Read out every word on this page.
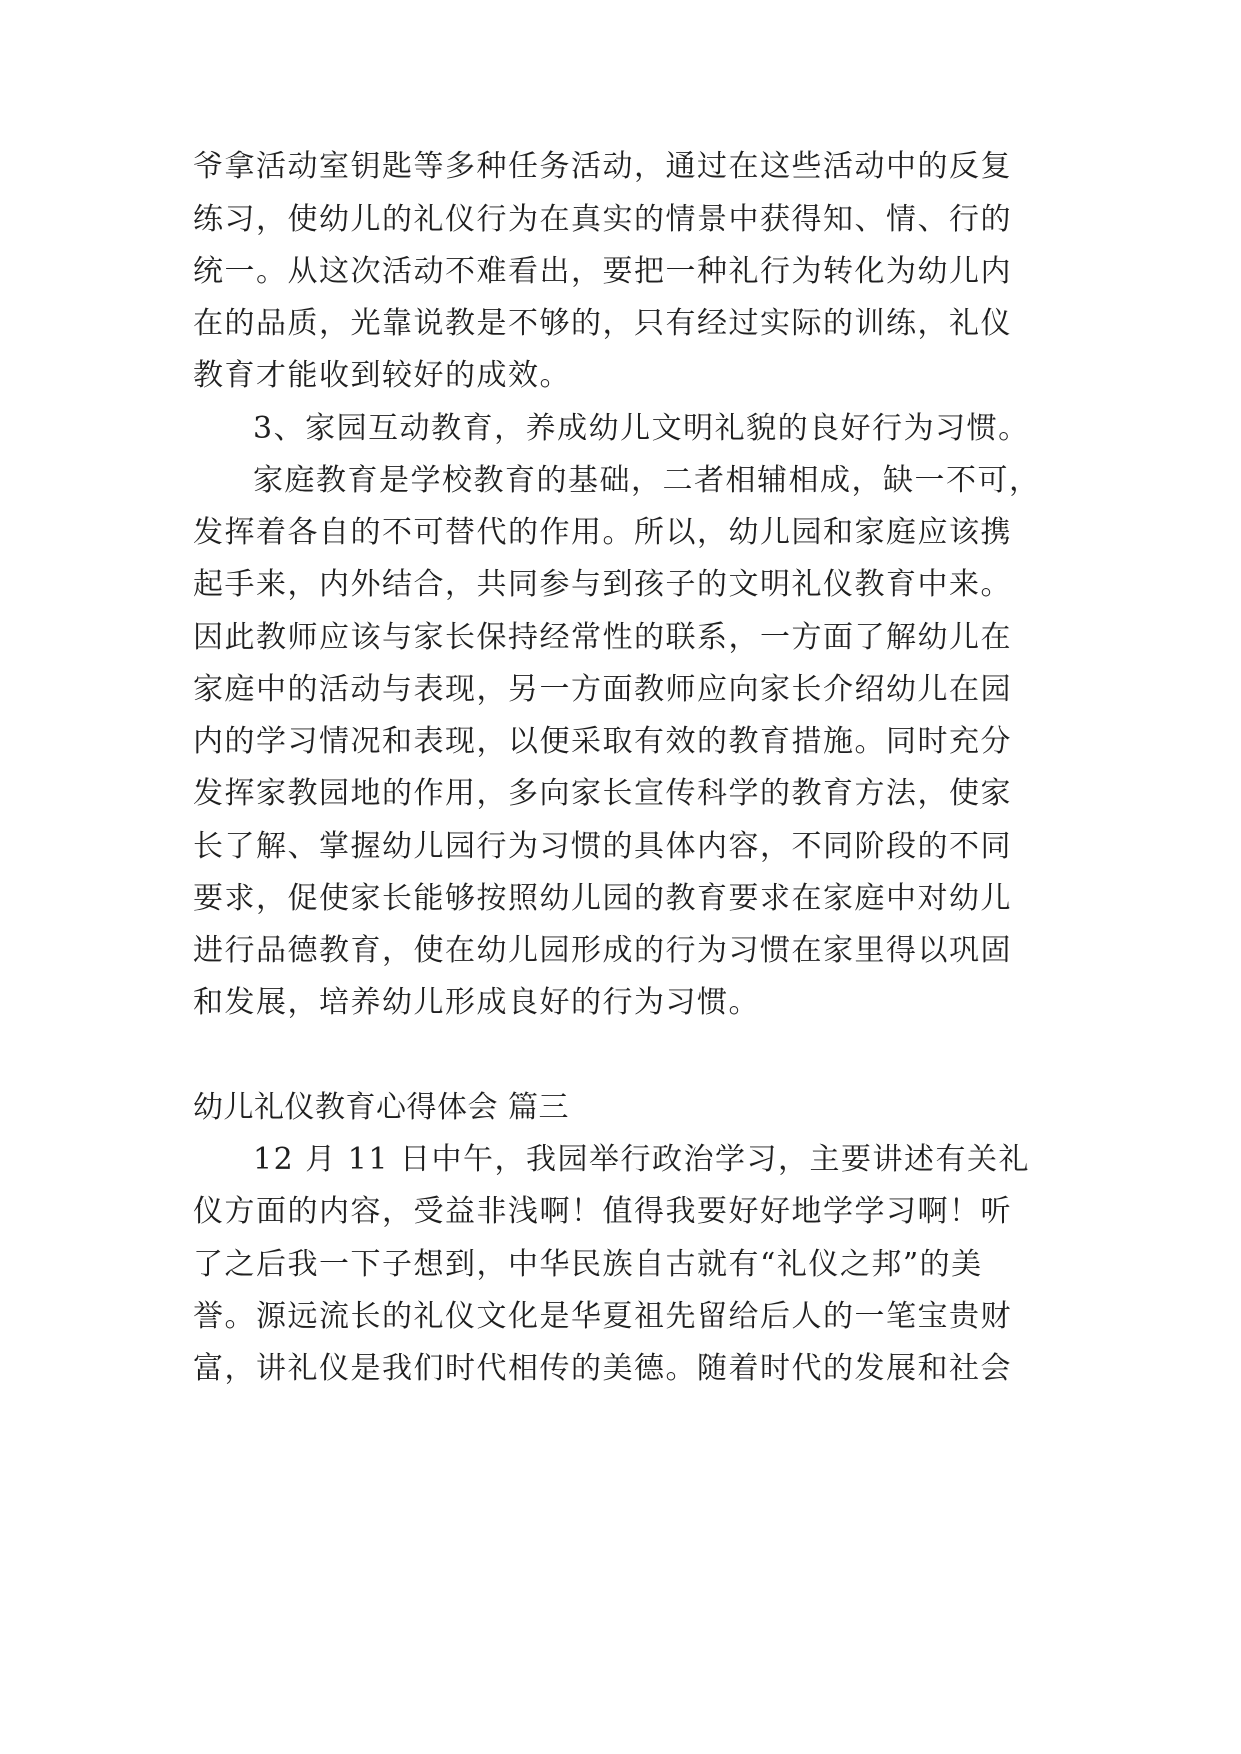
爷拿活动室钥匙等多种任务活动，通过在这些活动中的反复
练习，使幼儿的礼仪行为在真实的情景中获得知、情、行的
统一。从这次活动不难看出，要把一种礼行为转化为幼儿内
在的品质，光靠说教是不够的，只有经过实际的训练，礼仪
教育才能收到较好的成效。
3、家园互动教育，养成幼儿文明礼貌的良好行为习惯。
家庭教育是学校教育的基础，二者相辅相成，缺一不可，
发挥着各自的不可替代的作用。所以，幼儿园和家庭应该携
起手来，内外结合，共同参与到孩子的文明礼仪教育中来。
因此教师应该与家长保持经常性的联系，一方面了解幼儿在
家庭中的活动与表现，另一方面教师应向家长介绍幼儿在园
内的学习情况和表现，以便采取有效的教育措施。同时充分
发挥家教园地的作用，多向家长宣传科学的教育方法，使家
长了解、掌握幼儿园行为习惯的具体内容，不同阶段的不同
要求，促使家长能够按照幼儿园的教育要求在家庭中对幼儿
进行品德教育，使在幼儿园形成的行为习惯在家里得以巩固
和发展，培养幼儿形成良好的行为习惯。
幼儿礼仪教育心得体会 篇三
12 月 11 日中午，我园举行政治学习，主要讲述有关礼
仪方面的内容，受益非浅啊！值得我要好好地学学习啊！听
了之后我一下子想到，中华民族自古就有“礼仪之邦”的美
誉。源远流长的礼仪文化是华夏祖先留给后人的一笔宝贵财
富，讲礼仪是我们时代相传的美德。随着时代的发展和社会
